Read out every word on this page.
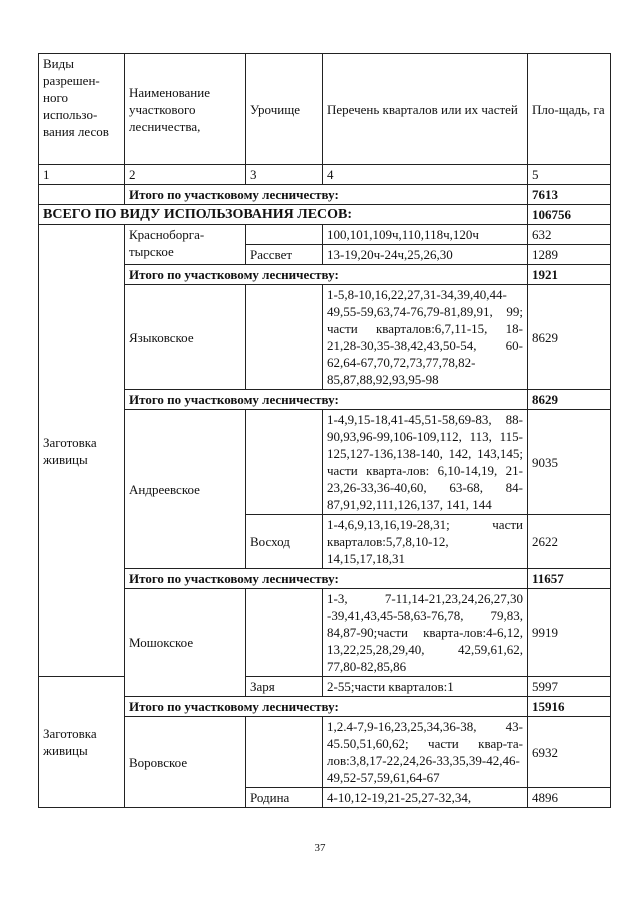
Виды разрешен-ного использо-вания лесов	Наименование участкового лесничества,	Урочище	Перечень кварталов или их частей	Пло-щадь, га
1	2	3	4	5
	Итого по участковому лесничеству:			7613
ВСЕГО ПО ВИДУ ИСПОЛЬЗОВАНИЯ ЛЕСОВ:				106756
Заготовка живицы	Красноборга-тырское		100,101,109ч,110,118ч,120ч	632
		Рассвет	13-19,20ч-24ч,25,26,30	1289
	Итого по участковому лесничеству:			1921
	Языковское		1-5,8-10,16,22,27,31-34,39,40,44-49,55-59,63,74-76,79-81,89,91, 99; части кварталов:6,7,11-15, 18-21,28-30,35-38,42,43,50-54, 60-62,64-67,70,72,73,77,78,82-85,87,88,92,93,95-98	8629
	Итого по участковому лесничеству:			8629
	Андреевское		1-4,9,15-18,41-45,51-58,69-83, 88-90,93,96-99,106-109,112, 113, 115-125,127-136,138-140, 142, 143,145; части кварта-лов: 6,10-14,19, 21-23,26-33,36-40,60, 63-68, 84-87,91,92,111,126,137, 141, 144	9035
		Восход	1-4,6,9,13,16,19-28,31; части кварталов:5,7,8,10-12, 14,15,17,18,31	2622
	Итого по участковому лесничеству:			11657
	Мошокское		1-3, 7-11,14-21,23,24,26,27,30 -39,41,43,45-58,63-76,78, 79,83, 84,87-90;части кварта-лов:4-6,12, 13,22,25,28,29,40, 42,59,61,62, 77,80-82,85,86	9919
Заготовка живицы		Заря	2-55;части кварталов:1	5997
	Итого по участковому лесничеству:			15916
	Воровское		1,2.4-7,9-16,23,25,34,36-38, 43-45.50,51,60,62; части квар-та-лов:3,8,17-22,24,26-33,35,39-42,46-49,52-57,59,61,64-67	6932
		Родина	4-10,12-19,21-25,27-32,34,	4896
37
